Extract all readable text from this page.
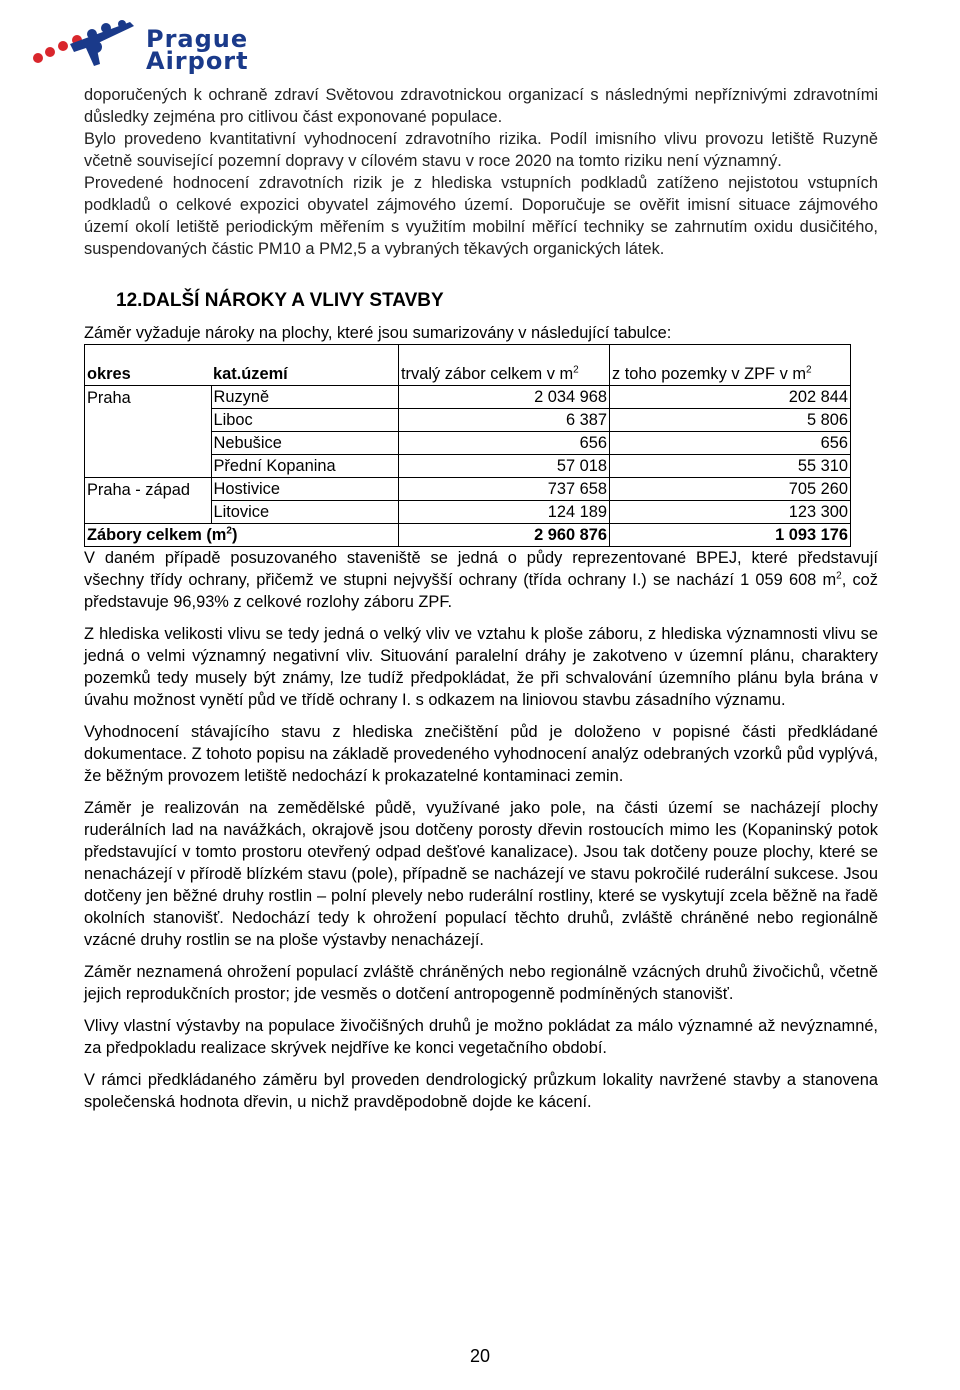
Prague
Airport

doporučených k ochraně zdraví Světovou zdravotnickou organizací s následnými nepříznivými zdravotními důsledky zejména pro citlivou část exponované populace.

Bylo provedeno kvantitativní vyhodnocení zdravotního rizika. Podíl imisního vlivu provozu letiště Ruzyně včetně související pozemní dopravy v cílovém stavu v roce 2020 na tomto riziku není významný.

Provedené hodnocení zdravotních rizik je z hlediska vstupních podkladů zatíženo nejistotou vstupních podkladů o celkové expozici obyvatel zájmového území. Doporučuje se ověřit imisní situace zájmového území okolí letiště periodickým měřením s využitím mobilní měřící techniky se zahrnutím oxidu dusičitého, suspendovaných částic PM10 a PM2,5 a vybraných těkavých organických látek.

12.DALŠÍ NÁROKY A VLIVY STAVBY

Záměr vyžaduje nároky na plochy, které jsou sumarizovány v následující tabulce:

okres	kat.území	trvalý zábor celkem v $m^2$	z toho pozemky v ZPF v $m^2$
Praha	Ruzyně	2 034 968	202 844
	Liboc	6 387	5 806
	Nebušice	656	656
	Přední Kopanina	57 018	55 310
Praha - západ	Hostivice	737 658	705 260
	Litovice	124 189	123 300
Zábory celkem $(m^2)$		2 960 876	1 093 176

V daném případě posuzovaného staveniště se jedná o půdy reprezentované BPEJ, které představují všechny třídy ochrany, přičemž ve stupni nejvyšší ochrany (třída ochrany I.) se nachází 1 059 608 $m^2$, což představuje 96,93% z celkové rozlohy záboru ZPF.

Z hlediska velikosti vlivu se tedy jedná o velký vliv ve vztahu k ploše záboru, z hlediska významnosti vlivu se jedná o velmi významný negativní vliv. Situování paralelní dráhy je zakotveno v územní plánu, charaktery pozemků tedy musely být známy, lze tudíž předpokládat, že při schvalování územního plánu byla brána v úvahu možnost vynětí půd ve třídě ochrany I. s odkazem na liniovou stavbu zásadního významu.

Vyhodnocení stávajícího stavu z hlediska znečištění půd je doloženo v popisné části předkládané dokumentace. Z tohoto popisu na základě provedeného vyhodnocení analýz odebraných vzorků půd vyplývá, že běžným provozem letiště nedochází k prokazatelné kontaminaci zemin.

Záměr je realizován na zemědělské půdě, využívané jako pole, na části území se nacházejí plochy ruderálních lad na navážkách, okrajově jsou dotčeny porosty dřevin rostoucích mimo les (Kopaninský potok představující v tomto prostoru otevřený odpad dešťové kanalizace). Jsou tak dotčeny pouze plochy, které se nenacházejí v přírodě blízkém stavu (pole), případně se nacházejí ve stavu pokročilé ruderální sukcese. Jsou dotčeny jen běžné druhy rostlin – polní plevely nebo ruderální rostliny, které se vyskytují zcela běžně na řadě okolních stanovišť. Nedochází tedy k ohrožení populací těchto druhů, zvláště chráněné nebo regionálně vzácné druhy rostlin se na ploše výstavby nenacházejí.

Záměr neznamená ohrožení populací zvláště chráněných nebo regionálně vzácných druhů živočichů, včetně jejich reprodukčních prostor; jde vesměs o dotčení antropogenně podmíněných stanovišť.

Vlivy vlastní výstavby na populace živočišných druhů je možno pokládat za málo významné až nevýznamné, za předpokladu realizace skrývek nejdříve ke konci vegetačního období.

V rámci předkládaného záměru byl proveden dendrologický průzkum lokality navržené stavby a stanovena společenská hodnota dřevin, u nichž pravděpodobně dojde ke kácení.

20
